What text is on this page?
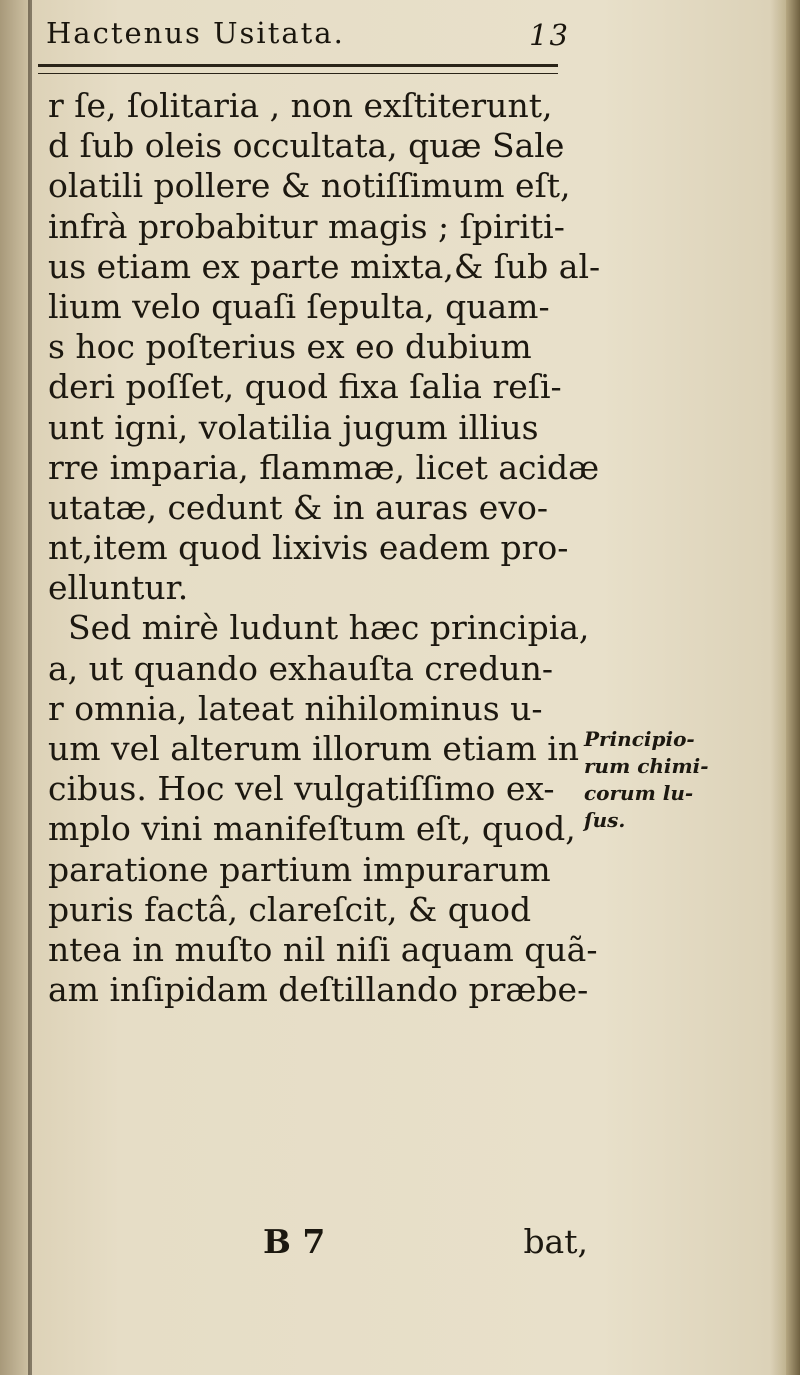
Hactenus Usitata.	13
r ſe, ſolitaria , non exſtiterunt,
d ſub oleis occultata, quæ Sale
olatili pollere & notiſſimum eſt,
infrà probabitur magis ; ſpiriti-
us etiam ex parte mixta,& ſub al-
lium velo quaſi ſepulta, quam-
s hoc poſterius ex eo dubium
deri poſſet, quod fixa ſalia reſi-
unt igni, volatilia jugum illius
rre imparia, flammæ, licet acidæ
utatæ, cedunt & in auras evo-
nt,item quod lixivis eadem pro-
elluntur.
Sed mirè ludunt hæc principia,
a, ut quando exhauſta credun-
r omnia, lateat nihilominus u-
um vel alterum illorum etiam in
cibus. Hoc vel vulgatiſſimo ex-
mplo vini manifeſtum eſt, quod,
paratione partium impurarum
puris factâ, clareſcit, & quod
ntea in muſto nil niſi aquam quã-
am inſipidam deſtillando præbe-
Principio-
rum chimi-
corum lu-
ſus.
B 7	bat,
